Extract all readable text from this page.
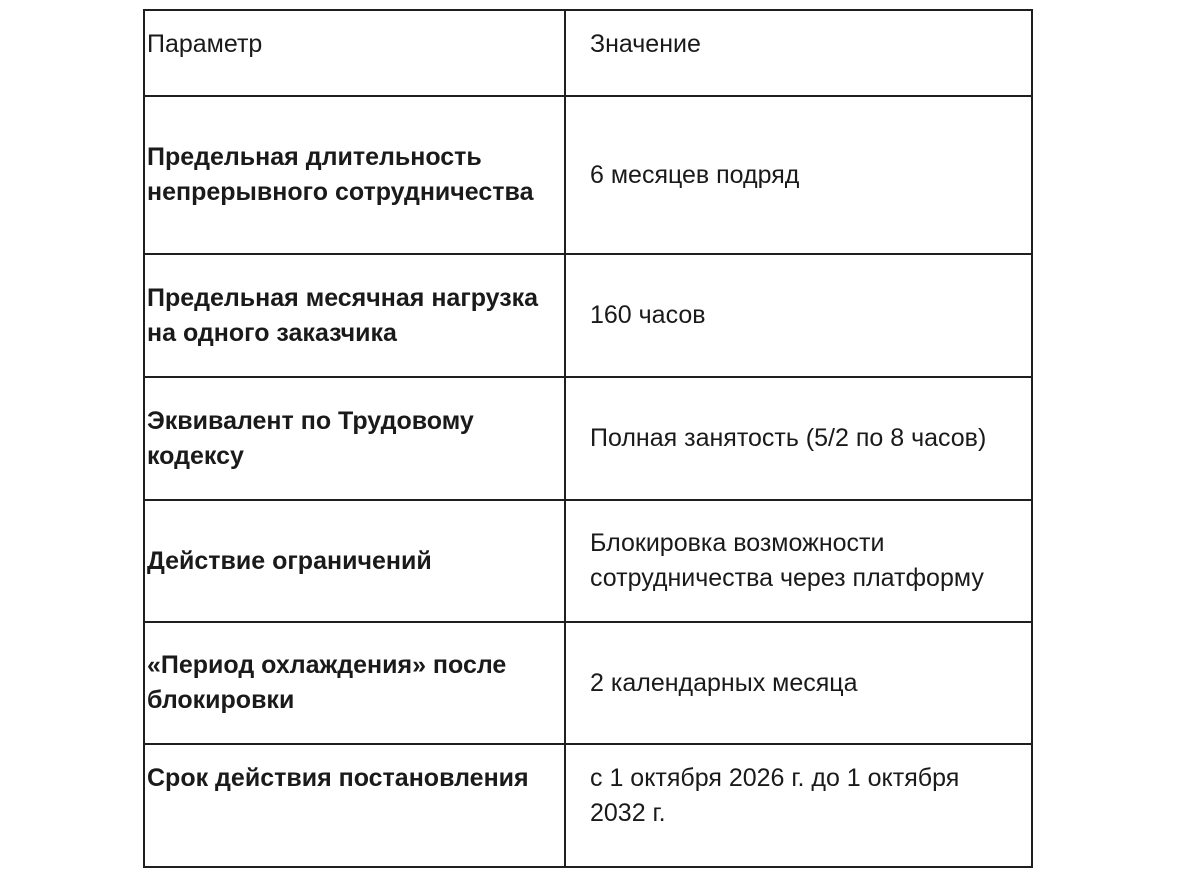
Параметр	Значение

Предельная длительность непрерывного сотрудничества	6 месяцев подряд
Предельная месячная нагрузка на одного заказчика	160 часов
Эквивалент по Трудовому кодексу	Полная занятость (5/2 по 8 часов)
Действие ограничений	Блокировка возможности сотрудничества через платформу
«Период охлаждения» после блокировки	2 календарных месяца

Срок действия постановления	с 1 октября 2026 г. до 1 октября 2032 г.
